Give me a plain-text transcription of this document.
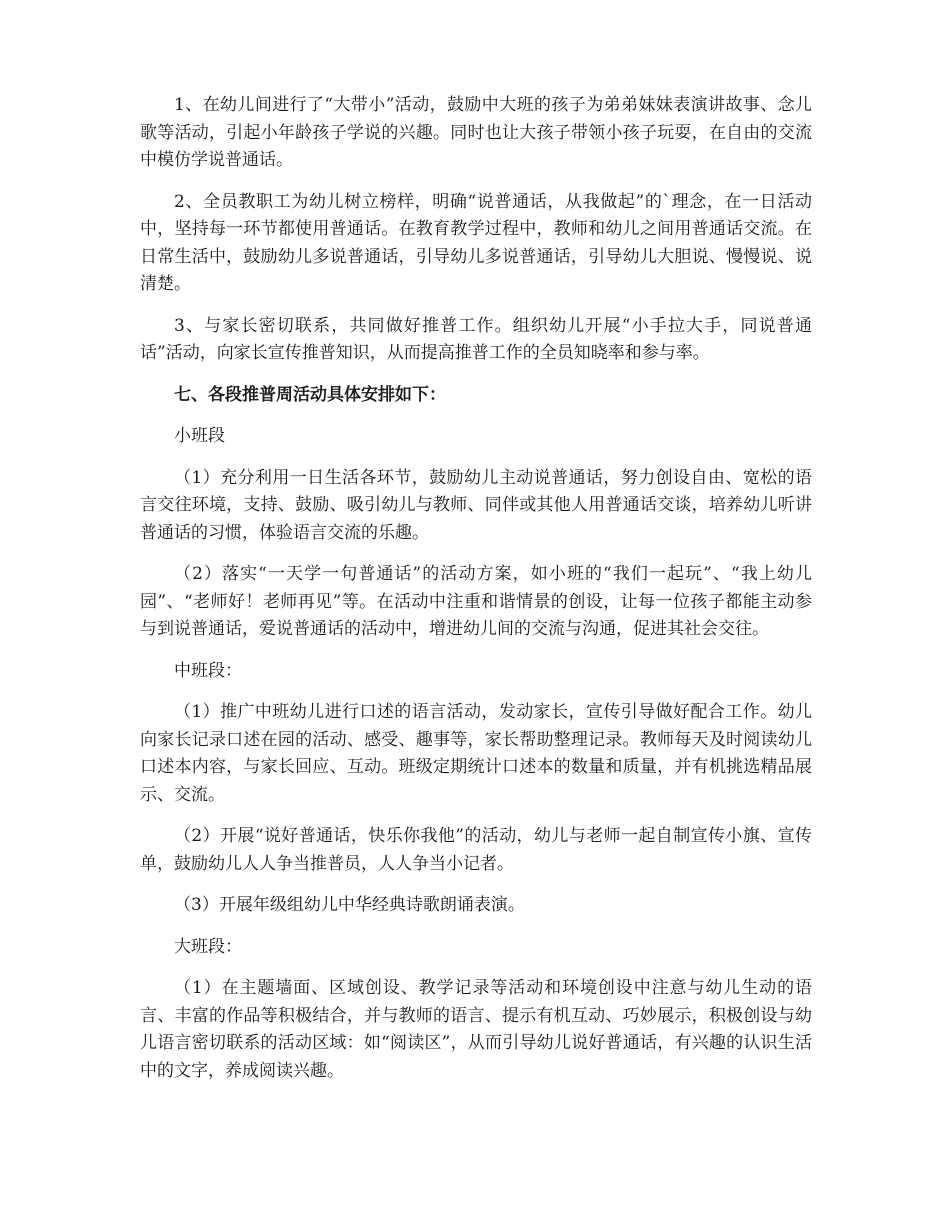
1、在幼儿间进行了“大带小”活动，鼓励中大班的孩子为弟弟妹妹表演讲故事、念儿歌等活动，引起小年龄孩子学说的兴趣。同时也让大孩子带领小孩子玩耍，在自由的交流中模仿学说普通话。

2、全员教职工为幼儿树立榜样，明确“说普通话，从我做起”的`理念，在一日活动中，坚持每一环节都使用普通话。在教育教学过程中，教师和幼儿之间用普通话交流。在日常生活中，鼓励幼儿多说普通话，引导幼儿多说普通话，引导幼儿大胆说、慢慢说、说清楚。

3、与家长密切联系，共同做好推普工作。组织幼儿开展“小手拉大手，同说普通话”活动，向家长宣传推普知识，从而提高推普工作的全员知晓率和参与率。

七、各段推普周活动具体安排如下：

小班段

（1）充分利用一日生活各环节，鼓励幼儿主动说普通话，努力创设自由、宽松的语言交往环境，支持、鼓励、吸引幼儿与教师、同伴或其他人用普通话交谈，培养幼儿听讲普通话的习惯，体验语言交流的乐趣。

（2）落实“一天学一句普通话”的活动方案，如小班的“我们一起玩”、“我上幼儿园”、“老师好！老师再见”等。在活动中注重和谐情景的创设，让每一位孩子都能主动参与到说普通话，爱说普通话的活动中，增进幼儿间的交流与沟通，促进其社会交往。

中班段：

（1）推广中班幼儿进行口述的语言活动，发动家长，宣传引导做好配合工作。幼儿向家长记录口述在园的活动、感受、趣事等，家长帮助整理记录。教师每天及时阅读幼儿口述本内容，与家长回应、互动。班级定期统计口述本的数量和质量，并有机挑选精品展示、交流。

（2）开展“说好普通话，快乐你我他”的活动，幼儿与老师一起自制宣传小旗、宣传单，鼓励幼儿人人争当推普员，人人争当小记者。

（3）开展年级组幼儿中华经典诗歌朗诵表演。

大班段：

（1）在主题墙面、区域创设、教学记录等活动和环境创设中注意与幼儿生动的语言、丰富的作品等积极结合，并与教师的语言、提示有机互动、巧妙展示，积极创设与幼儿语言密切联系的活动区域：如“阅读区”，从而引导幼儿说好普通话，有兴趣的认识生活中的文字，养成阅读兴趣。
